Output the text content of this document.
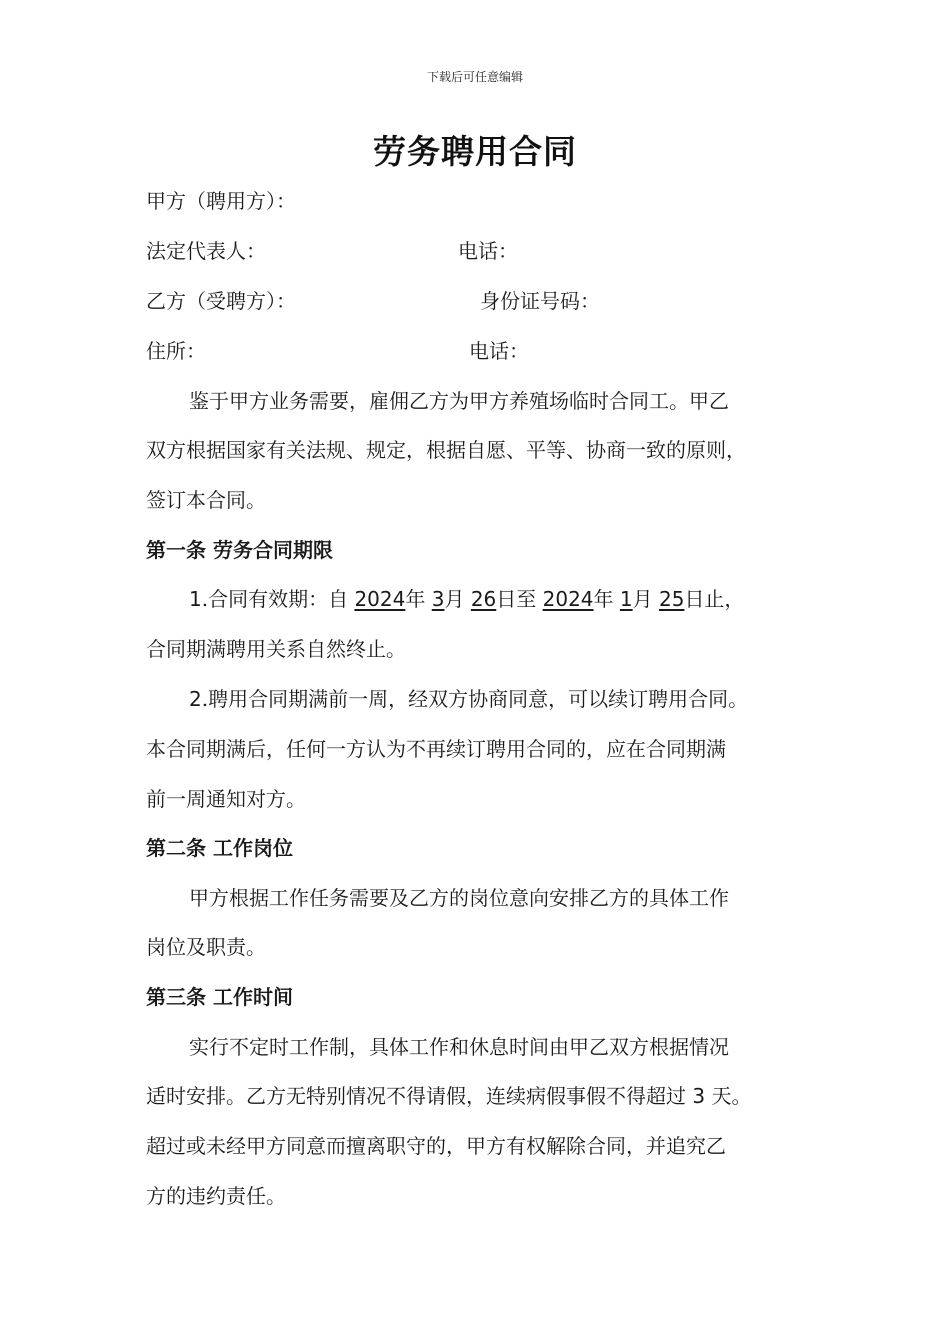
下载后可任意编辑
劳务聘用合同
甲方（聘用方）：
法定代表人：	电话：
乙方（受聘方）：	身份证号码：
住所：	电话：
鉴于甲方业务需要，雇佣乙方为甲方养殖场临时合同工。甲乙
双方根据国家有关法规、规定，根据自愿、平等、协商一致的原则，
签订本合同。
第一条 劳务合同期限
1.合同有效期：自 2024年 3月 26日至 2024年 1月 25日止，
合同期满聘用关系自然终止。
2.聘用合同期满前一周，经双方协商同意，可以续订聘用合同。
本合同期满后，任何一方认为不再续订聘用合同的，应在合同期满
前一周通知对方。
第二条 工作岗位
甲方根据工作任务需要及乙方的岗位意向安排乙方的具体工作
岗位及职责。
第三条 工作时间
实行不定时工作制，具体工作和休息时间由甲乙双方根据情况
适时安排。乙方无特别情况不得请假，连续病假事假不得超过 3 天。
超过或未经甲方同意而擅离职守的，甲方有权解除合同，并追究乙
方的违约责任。
